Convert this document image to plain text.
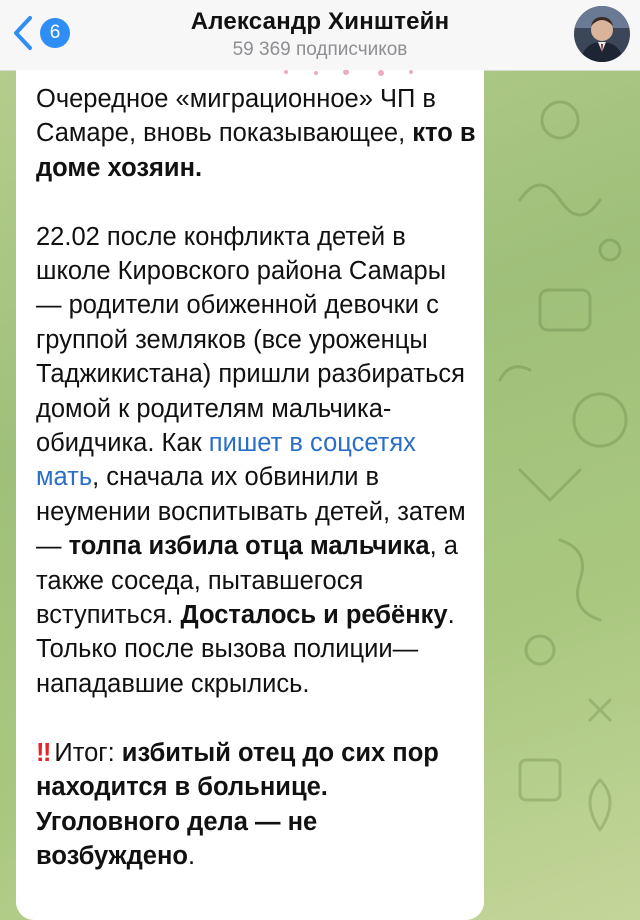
6	Александр Хинштейн
59 369 подписчиков

Очередное «миграционное» ЧП в Самаре, вновь показывающее, кто в доме хозяин.

22.02 после конфликта детей в школе Кировского района Самары — родители обиженной девочки с группой земляков (все уроженцы Таджикистана) пришли разбираться домой к родителям мальчика-обидчика. Как пишет в соцсетях мать, сначала их обвинили в неумении воспитывать детей, затем — толпа избила отца мальчика, а также соседа, пытавшегося вступиться. Досталось и ребёнку. Только после вызова полиции— нападавшие скрылись.

‼ Итог: избитый отец до сих пор находится в больнице. Уголовного дела — не возбуждено.
